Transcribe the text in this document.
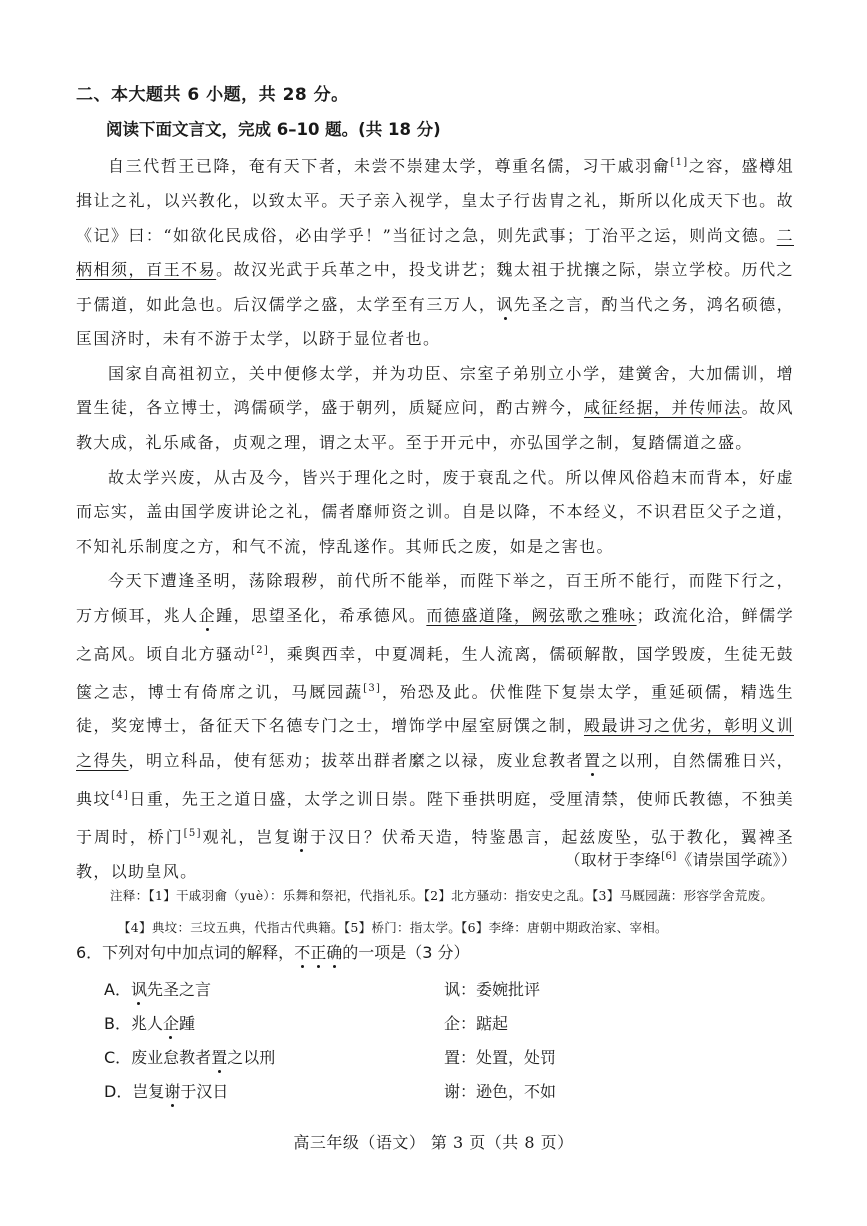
二、本大题共 6 小题，共 28 分。
阅读下面文言文，完成 6–10 题。(共 18 分)

自三代哲王已降，奄有天下者，未尝不崇建太学，尊重名儒，习干戚羽龠[1]之容，盛樽俎揖让之礼，以兴教化，以致太平。天子亲入视学，皇太子行齿胄之礼，斯所以化成天下也。故《记》曰：“如欲化民成俗，必由学乎！”当征讨之急，则先武事；丁治平之运，则尚文德。二柄相须，百王不易。故汉光武于兵革之中，投戈讲艺；魏太祖于扰攘之际，崇立学校。历代之于儒道，如此急也。后汉儒学之盛，太学至有三万人，讽先圣之言，酌当代之务，鸿名硕德，匡国济时，未有不游于太学，以跻于显位者也。

国家自高祖初立，关中便修太学，并为功臣、宗室子弟别立小学，建黉舍，大加儒训，增置生徒，各立博士，鸿儒硕学，盛于朝列，质疑应问，酌古辨今，咸征经据，并传师法。故风教大成，礼乐咸备，贞观之理，谓之太平。至于开元中，亦弘国学之制，复踏儒道之盛。

故太学兴废，从古及今，皆兴于理化之时，废于衰乱之代。所以俾风俗趋末而背本，好虚而忘实，盖由国学废讲论之礼，儒者靡师资之训。自是以降，不本经义，不识君臣父子之道，不知礼乐制度之方，和气不流，悖乱遂作。其师氏之废，如是之害也。

今天下遭逢圣明，荡除瑕秽，前代所不能举，而陛下举之，百王所不能行，而陛下行之，万方倾耳，兆人企踵，思望圣化，希承德风。而德盛道隆，阙弦歌之雅咏；政流化洽，鲜儒学之高风。顷自北方骚动[2]，乘舆西幸，中夏凋耗，生人流离，儒硕解散，国学毁废，生徒无鼓箧之志，博士有倚席之讥，马厩园蔬[3]，殆恐及此。伏惟陛下复崇太学，重延硕儒，精选生徒，奖宠博士，备征天下名德专门之士，增饰学中屋室厨馔之制，殿最讲习之优劣，彰明义训之得失，明立科品，使有惩劝；拔萃出群者縻之以禄，废业怠教者置之以刑，自然儒雅日兴，典坟[4]日重，先王之道日盛，太学之训日崇。陛下垂拱明庭，受厘清禁，使师氏教德，不独美于周时，桥门[5]观礼，岂复谢于汉日？伏希天造，特鉴愚言，起兹废坠，弘于教化，翼裨圣教，以助皇风。

（取材于李绛[6]《请崇国学疏》）
注释：【1】干戚羽龠（yuè）：乐舞和祭祀，代指礼乐。【2】北方骚动：指安史之乱。【3】马厩园蔬：形容学舍荒废。
【4】典坟：三坟五典，代指古代典籍。【5】桥门：指太学。【6】李绛：唐朝中期政治家、宰相。
6．下列对句中加点词的解释，不正确的一项是（3 分）
A．讽先圣之言	讽：委婉批评
B．兆人企踵	企：踮起
C．废业怠教者置之以刑	置：处置，处罚
D．岂复谢于汉日	谢：逊色，不如
高三年级（语文） 第 3 页（共 8 页）
